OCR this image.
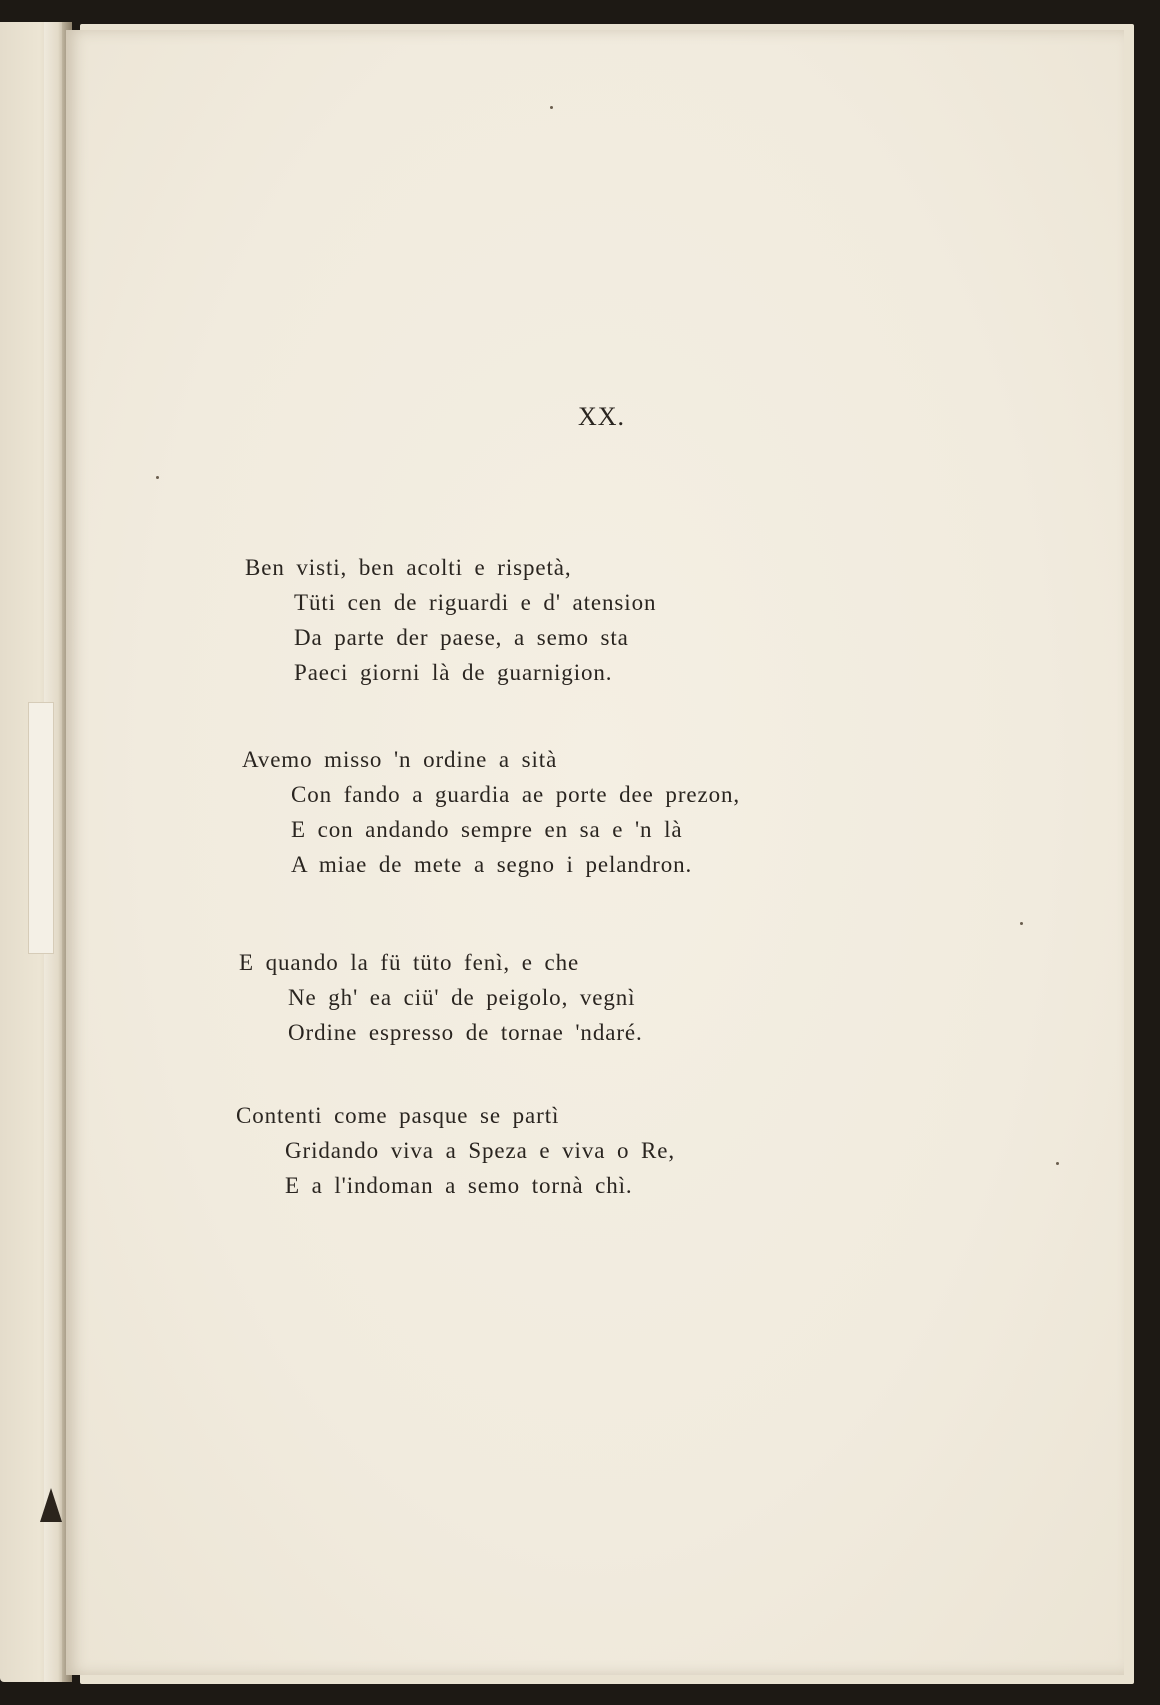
XX.
Ben visti, ben acolti e rispetà,
Tüti cen de riguardi e d' atension
Da parte der paese, a semo sta
Paeci giorni là de guarnigion.
Avemo misso 'n ordine a sità
Con fando a guardia ae porte dee prezon,
E con andando sempre en sa e 'n là
A miae de mete a segno i pelandron.
E quando la fü tüto fenì, e che
Ne gh' ea ciü' de peigolo, vegnì
Ordine espresso de tornae 'ndaré.
Contenti come pasque se partì
Gridando viva a Speza e viva o Re,
E a l'indoman a semo tornà chì.
